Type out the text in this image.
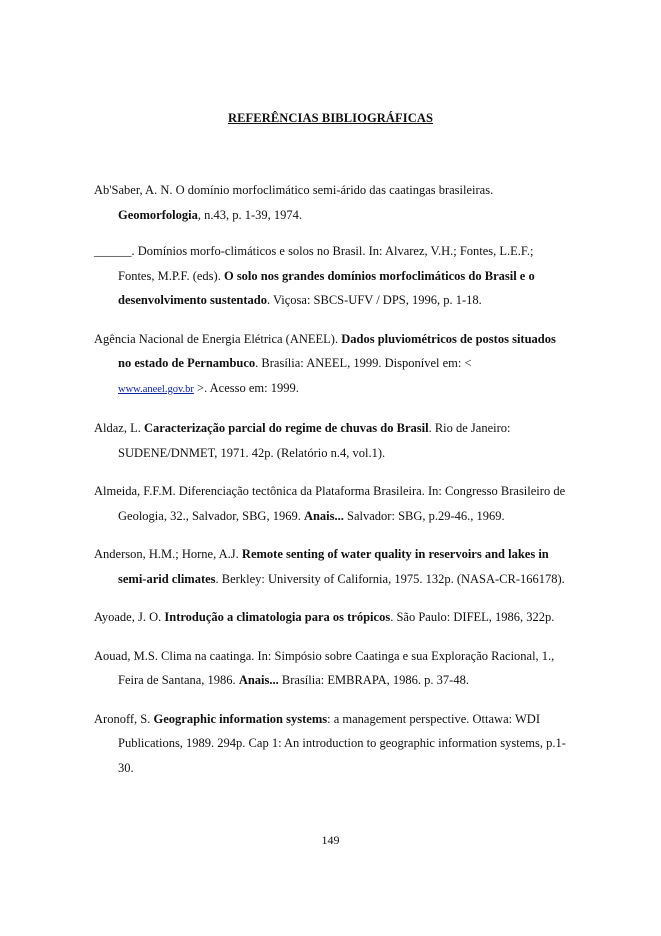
REFERÊNCIAS BIBLIOGRÁFICAS
Ab'Saber, A. N. O domínio morfoclimático semi-árido das caatingas brasileiras. Geomorfologia, n.43, p. 1-39, 1974.
______. Domínios morfo-climáticos e solos no Brasil. In: Alvarez, V.H.; Fontes, L.E.F.; Fontes, M.P.F. (eds). O solo nos grandes domínios morfoclimáticos do Brasil e o desenvolvimento sustentado. Viçosa: SBCS-UFV / DPS, 1996, p. 1-18.
Agência Nacional de Energia Elétrica (ANEEL). Dados pluviométricos de postos situados no estado de Pernambuco. Brasília: ANEEL, 1999. Disponível em: <
www.aneel.gov.br >. Acesso em: 1999.
Aldaz, L. Caracterização parcial do regime de chuvas do Brasil. Rio de Janeiro: SUDENE/DNMET, 1971. 42p. (Relatório n.4, vol.1).
Almeida, F.F.M. Diferenciação tectônica da Plataforma Brasileira. In: Congresso Brasileiro de Geologia, 32., Salvador, SBG, 1969. Anais... Salvador: SBG, p.29-46., 1969.
Anderson, H.M.; Horne, A.J. Remote senting of water quality in reservoirs and lakes in semi-arid climates. Berkley: University of California, 1975. 132p. (NASA-CR-166178).
Ayoade, J. O. Introdução a climatologia para os trópicos. São Paulo: DIFEL, 1986, 322p.
Aouad, M.S. Clima na caatinga. In: Simpósio sobre Caatinga e sua Exploração Racional, 1., Feira de Santana, 1986. Anais... Brasília: EMBRAPA, 1986. p. 37-48.
Aronoff, S. Geographic information systems: a management perspective. Ottawa: WDI Publications, 1989. 294p. Cap 1: An introduction to geographic information systems, p.1-30.
149
